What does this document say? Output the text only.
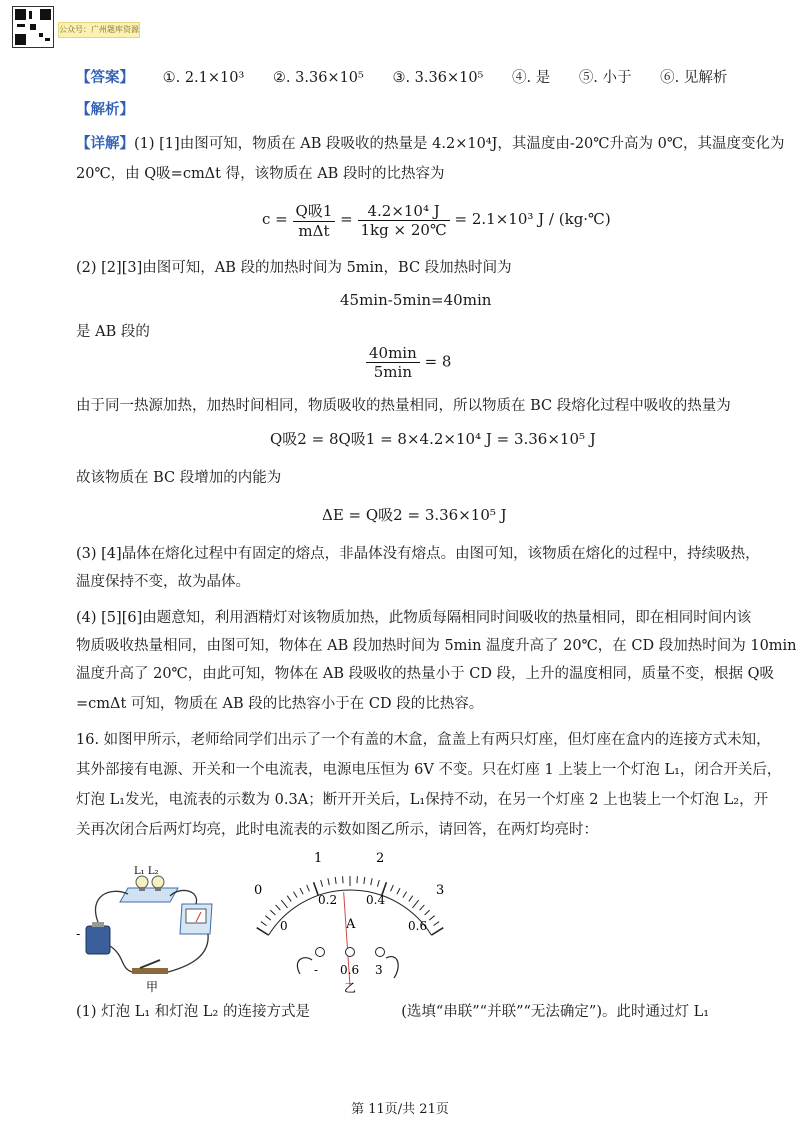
公众号：广州题库资源
【答案】 ①. 2.1×10³ ②. 3.36×10⁵ ③. 3.36×10⁵ ④. 是 ⑤. 小于 ⑥. 见解析
【解析】
【详解】(1) [1]由图可知，物质在 AB 段吸收的热量是 4.2×10⁴J，其温度由-20℃升高为 0℃，其温度变化为
20℃，由 Q吸=cmΔt 得，该物质在 AB 段时的比热容为
$c = \frac{\text{Q吸1}}{\text{mΔt}} = \frac{\text{4.2×10⁴ J}}{1kg \times 20℃} = 2.1\times 10^3$ J / (kg·℃)
(2) [2][3]由图可知，AB 段的加热时间为 5min，BC 段加热时间为
45min-5min=40min
是 AB 段的
$\frac{40\min}{5\min} = 8$
由于同一热源加热，加热时间相同，物质吸收的热量相同，所以物质在 BC 段熔化过程中吸收的热量为
Q吸2 = 8Q吸1 = 8×4.2×10⁴ J = 3.36×10⁵ J
故该物质在 BC 段增加的内能为
ΔE = Q吸2 = 3.36×10⁵ J
(3) [4]晶体在熔化过程中有固定的熔点，非晶体没有熔点。由图可知，该物质在熔化的过程中，持续吸热，
温度保持不变，故为晶体。
(4) [5][6]由题意知，利用酒精灯对该物质加热，此物质每隔相同时间吸收的热量相同，即在相同时间内该
物质吸收热量相同，由图可知，物体在 AB 段加热时间为 5min 温度升高了 20℃，在 CD 段加热时间为 10min
温度升高了 20℃，由此可知，物体在 AB 段吸收的热量小于 CD 段，上升的温度相同，质量不变，根据 Q吸
=cmΔt 可知，物质在 AB 段的比热容小于在 CD 段的比热容。
16. 如图甲所示，老师给同学们出示了一个有盖的木盒，盒盖上有两只灯座，但灯座在盒内的连接方式未知，
其外部接有电源、开关和一个电流表，电源电压恒为 6V 不变。只在灯座 1 上装上一个灯泡 L₁，闭合开关后，
灯泡 L₁发光，电流表的示数为 0.3A；断开开关后，L₁保持不动，在另一个灯座 2 上也装上一个灯泡 L₂，开
关再次闭合后两灯均亮，此时电流表的示数如图乙所示，请回答，在两灯均亮时：
-
L₁ L₂
甲
0
1	2
3
0
0.2 0.4
0.6
A
- 0.6 3
乙
(1) 灯泡 L₁ 和灯泡 L₂ 的连接方式是	(选填“串联”“并联”“无法确定”)。此时通过灯 L₁
第 11页/共 21页
